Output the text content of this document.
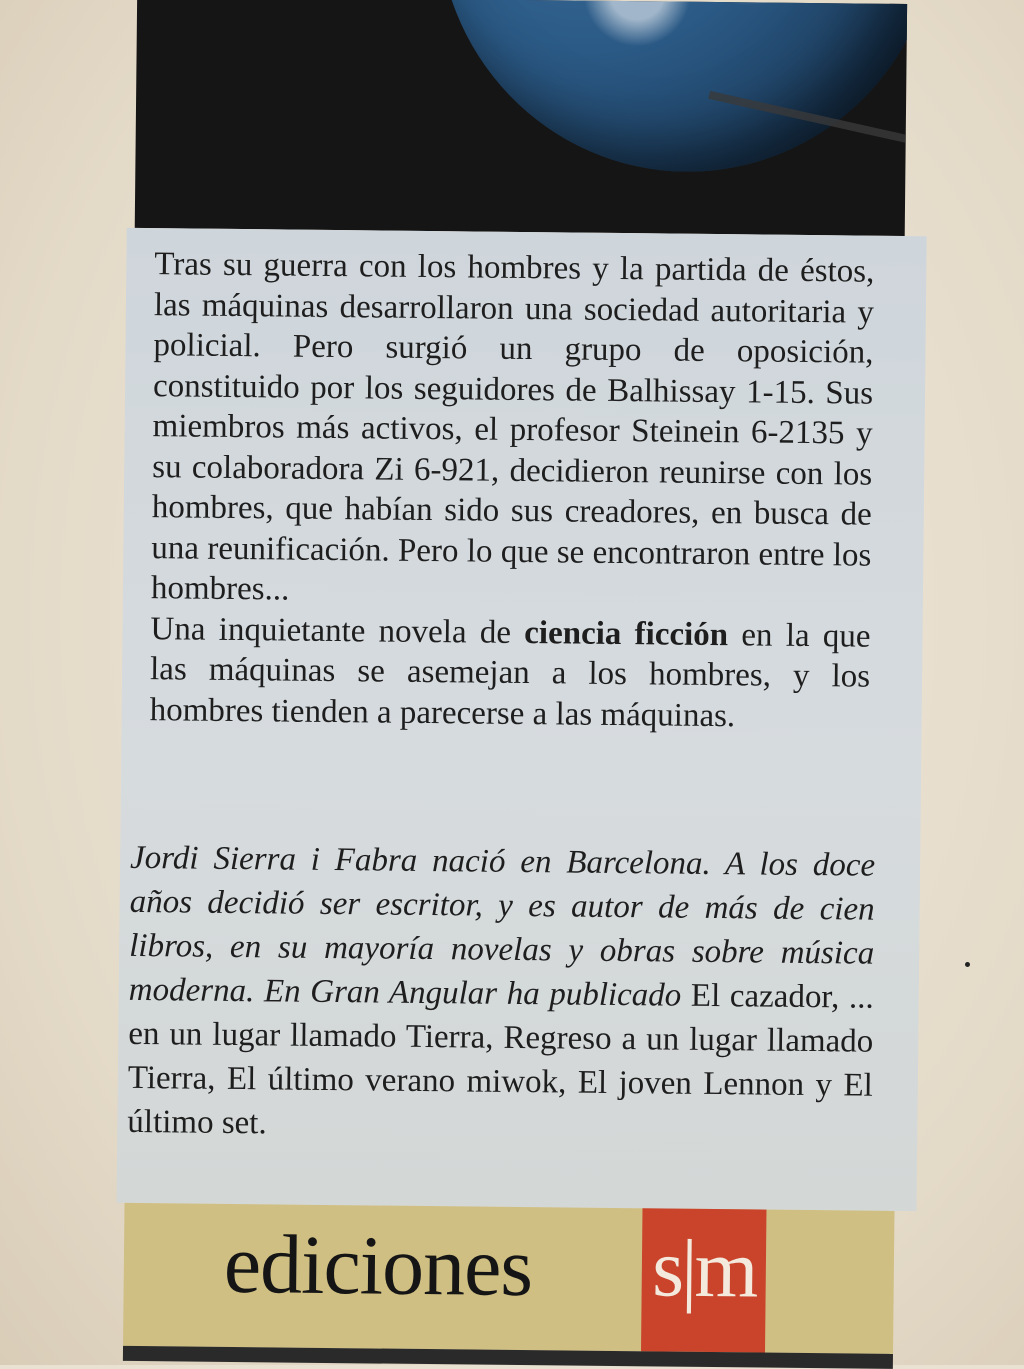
Tras su guerra con los hombres y la partida de éstos, las máquinas desarrollaron una sociedad autoritaria y policial. Pero surgió un grupo de oposición, constituido por los seguidores de Balhissay 1-15. Sus miembros más activos, el profesor Steinein 6-2135 y su colaboradora Zi 6-921, decidieron reunirse con los hombres, que habían sido sus creadores, en busca de una reunificación. Pero lo que se encontraron entre los hombres...

Una inquietante novela de ciencia ficción en la que las máquinas se asemejan a los hombres, y los hombres tienden a parecerse a las máquinas.

Jordi Sierra i Fabra nació en Barcelona. A los doce años decidió ser escritor, y es autor de más de cien libros, en su mayoría novelas y obras sobre música moderna. En Gran Angular ha publicado El cazador, ... en un lugar llamado Tierra, Regreso a un lugar llamado Tierra, El último verano miwok, El joven Lennon y El último set.

ediciones s|m
